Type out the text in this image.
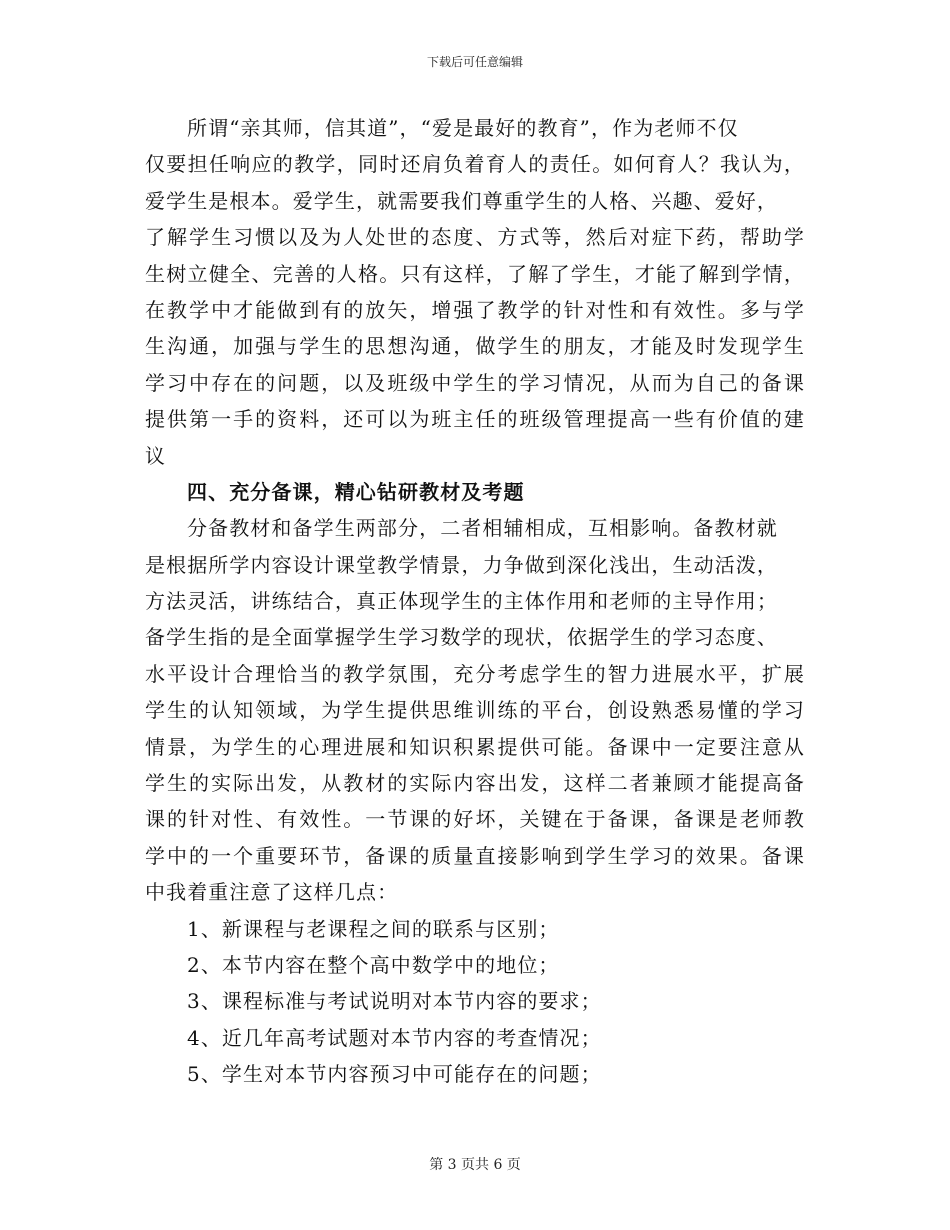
下载后可任意编辑
所谓“亲其师，信其道”，“爱是最好的教育”，作为老师不仅
仅要担任响应的教学，同时还肩负着育人的责任。如何育人？我认为，
爱学生是根本。爱学生，就需要我们尊重学生的人格、兴趣、爱好，
了解学生习惯以及为人处世的态度、方式等，然后对症下药，帮助学
生树立健全、完善的人格。只有这样，了解了学生，才能了解到学情，
在教学中才能做到有的放矢，增强了教学的针对性和有效性。多与学
生沟通，加强与学生的思想沟通，做学生的朋友，才能及时发现学生
学习中存在的问题，以及班级中学生的学习情况，从而为自己的备课
提供第一手的资料，还可以为班主任的班级管理提高一些有价值的建
议
四、充分备课，精心钻研教材及考题
分备教材和备学生两部分，二者相辅相成，互相影响。备教材就
是根据所学内容设计课堂教学情景，力争做到深化浅出，生动活泼，
方法灵活，讲练结合，真正体现学生的主体作用和老师的主导作用；
备学生指的是全面掌握学生学习数学的现状，依据学生的学习态度、
水平设计合理恰当的教学氛围，充分考虑学生的智力进展水平，扩展
学生的认知领域，为学生提供思维训练的平台，创设熟悉易懂的学习
情景，为学生的心理进展和知识积累提供可能。备课中一定要注意从
学生的实际出发，从教材的实际内容出发，这样二者兼顾才能提高备
课的针对性、有效性。一节课的好坏，关键在于备课，备课是老师教
学中的一个重要环节，备课的质量直接影响到学生学习的效果。备课
中我着重注意了这样几点：
1、新课程与老课程之间的联系与区别；
2、本节内容在整个高中数学中的地位；
3、课程标准与考试说明对本节内容的要求；
4、近几年高考试题对本节内容的考查情况；
5、学生对本节内容预习中可能存在的问题；
第 3 页共 6 页
